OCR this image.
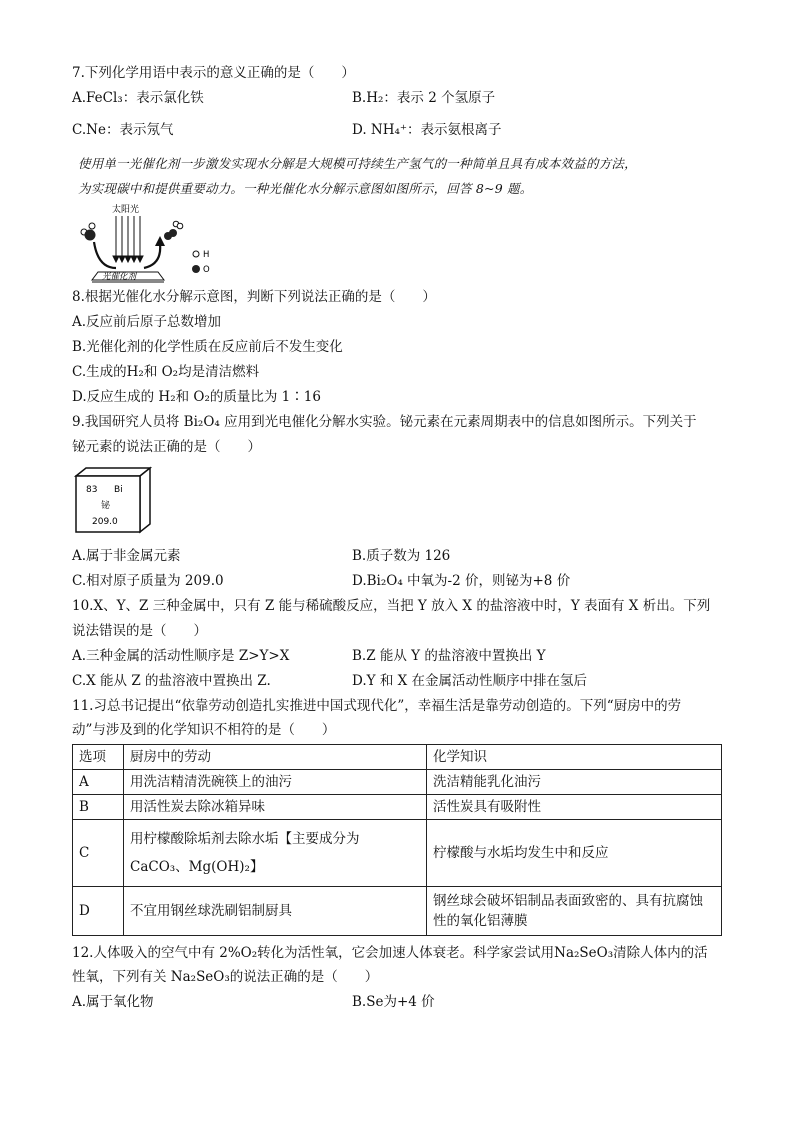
7.下列化学用语中表示的意义正确的是（　　）
A.FeCl₃：表示氯化铁	B.H₂：表示 2 个氢原子
C.Ne：表示氖气	D. NH₄⁺：表示氨根离子
使用单一光催化剂一步激发实现水分解是大规模可持续生产氢气的一种简单且具有成本效益的方法，
为实现碳中和提供重要动力。一种光催化水分解示意图如图所示，回答 8~9 题。
太阳光
光催化剂
H
O
8.根据光催化水分解示意图，判断下列说法正确的是（　　）
A.反应前后原子总数增加
B.光催化剂的化学性质在反应前后不发生变化
C.生成的H₂和 O₂均是清洁燃料
D.反应生成的 H₂和 O₂的质量比为 1∶16
9.我国研究人员将 Bi₂O₄ 应用到光电催化分解水实验。铋元素在元素周期表中的信息如图所示。下列关于
铋元素的说法正确的是（　　）
83 Bi
铋
209.0
A.属于非金属元素	B.质子数为 126
C.相对原子质量为 209.0	D.Bi₂O₄ 中氧为-2 价，则铋为+8 价
10.X、Y、Z 三种金属中，只有 Z 能与稀硫酸反应，当把 Y 放入 X 的盐溶液中时，Y 表面有 X 析出。下列
说法错误的是（　　）
A.三种金属的活动性顺序是 Z>Y>X	B.Z 能从 Y 的盐溶液中置换出 Y
C.X 能从 Z 的盐溶液中置换出 Z.	D.Y 和 X 在金属活动性顺序中排在氢后
11.习总书记提出“依靠劳动创造扎实推进中国式现代化”，幸福生活是靠劳动创造的。下列“厨房中的劳
动”与涉及到的化学知识不相符的是（　　）
选项	厨房中的劳动	化学知识
A	用洗洁精清洗碗筷上的油污	洗洁精能乳化油污
B	用活性炭去除冰箱异味	活性炭具有吸附性
C	用柠檬酸除垢剂去除水垢【主要成分为
CaCO₃、Mg(OH)₂】	柠檬酸与水垢均发生中和反应
D	不宜用钢丝球洗刷铝制厨具	钢丝球会破坏铝制品表面致密的、具有抗腐蚀
性的氧化铝薄膜
12.人体吸入的空气中有 2%O₂转化为活性氧，它会加速人体衰老。科学家尝试用Na₂SeO₃清除人体内的活
性氧，下列有关 Na₂SeO₃的说法正确的是（　　）
A.属于氧化物	B.Se为+4 价
